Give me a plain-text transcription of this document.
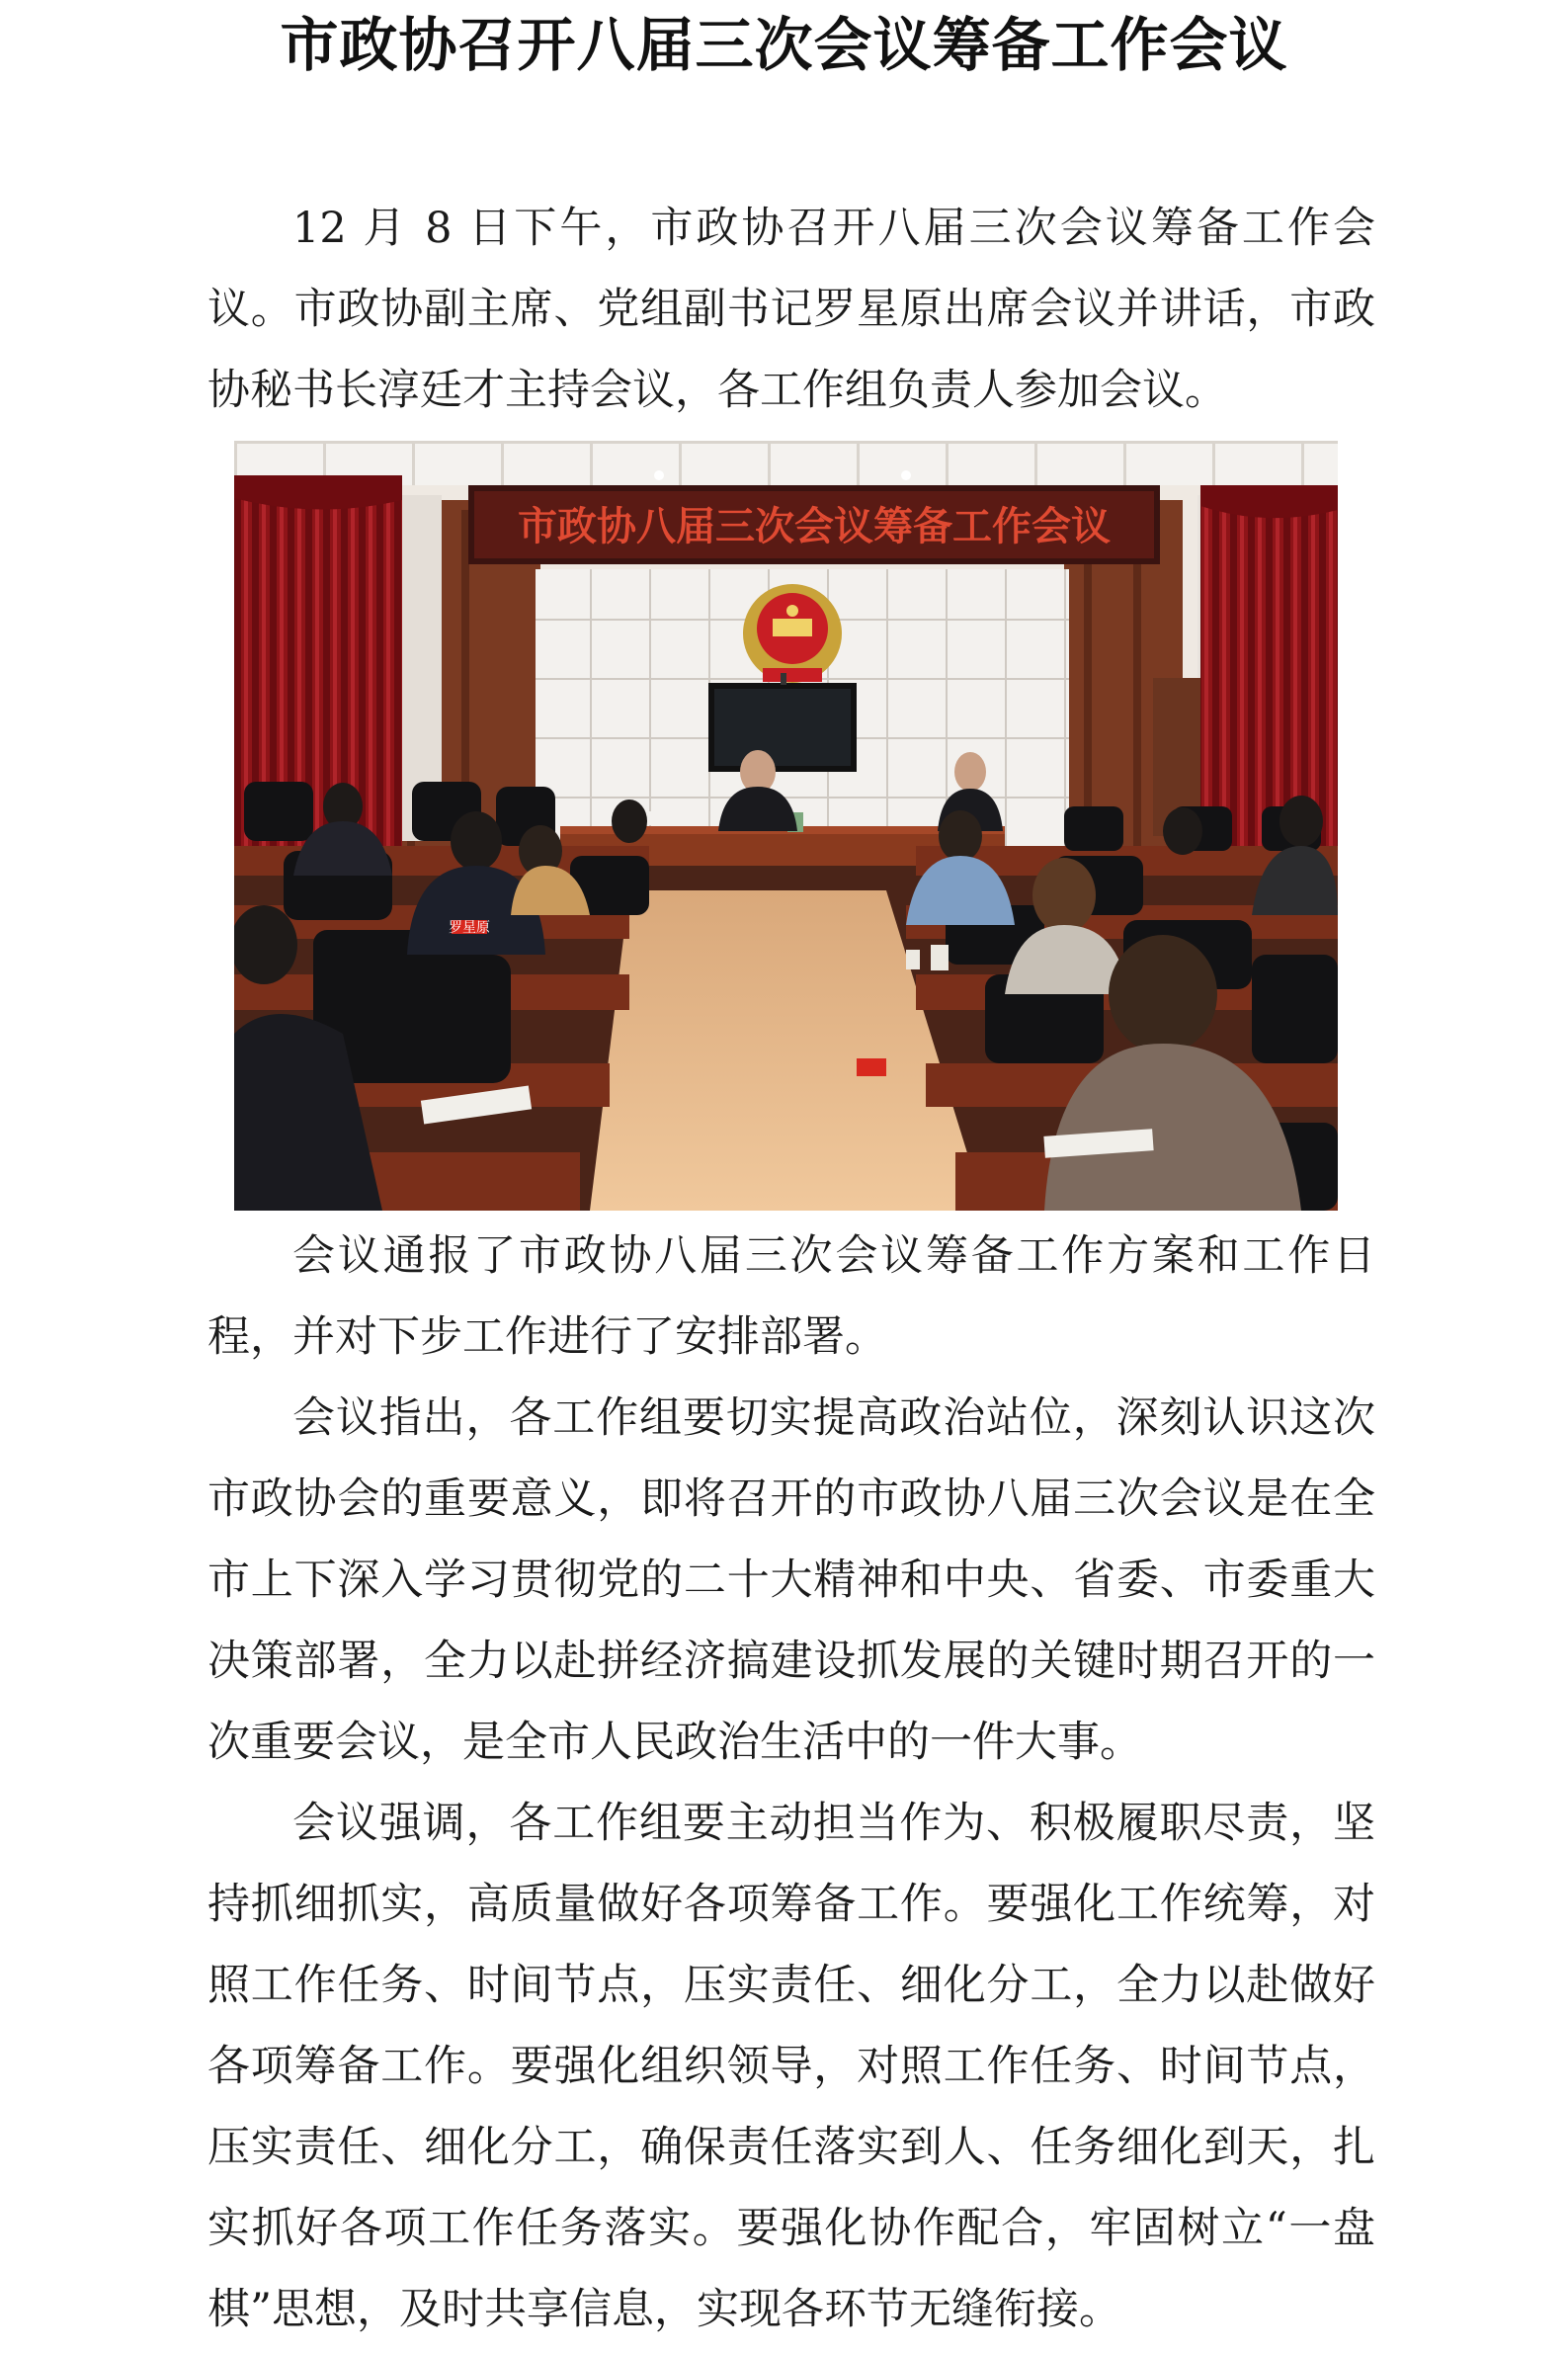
市政协召开八届三次会议筹备工作会议

12 月 8 日下午，市政协召开八届三次会议筹备工作会议。市政协副主席、党组副书记罗星原出席会议并讲话，市政协秘书长淳廷才主持会议，各工作组负责人参加会议。

市政协八届三次会议筹备工作会议
罗星原

会议通报了市政协八届三次会议筹备工作方案和工作日程，并对下步工作进行了安排部署。

会议指出，各工作组要切实提高政治站位，深刻认识这次市政协会的重要意义，即将召开的市政协八届三次会议是在全市上下深入学习贯彻党的二十大精神和中央、省委、市委重大决策部署，全力以赴拼经济搞建设抓发展的关键时期召开的一次重要会议，是全市人民政治生活中的一件大事。

会议强调，各工作组要主动担当作为、积极履职尽责，坚持抓细抓实，高质量做好各项筹备工作。要强化工作统筹，对照工作任务、时间节点，压实责任、细化分工，全力以赴做好各项筹备工作。要强化组织领导，对照工作任务、时间节点，压实责任、细化分工，确保责任落实到人、任务细化到天，扎实抓好各项工作任务落实。要强化协作配合，牢固树立“一盘棋”思想，及时共享信息，实现各环节无缝衔接。
